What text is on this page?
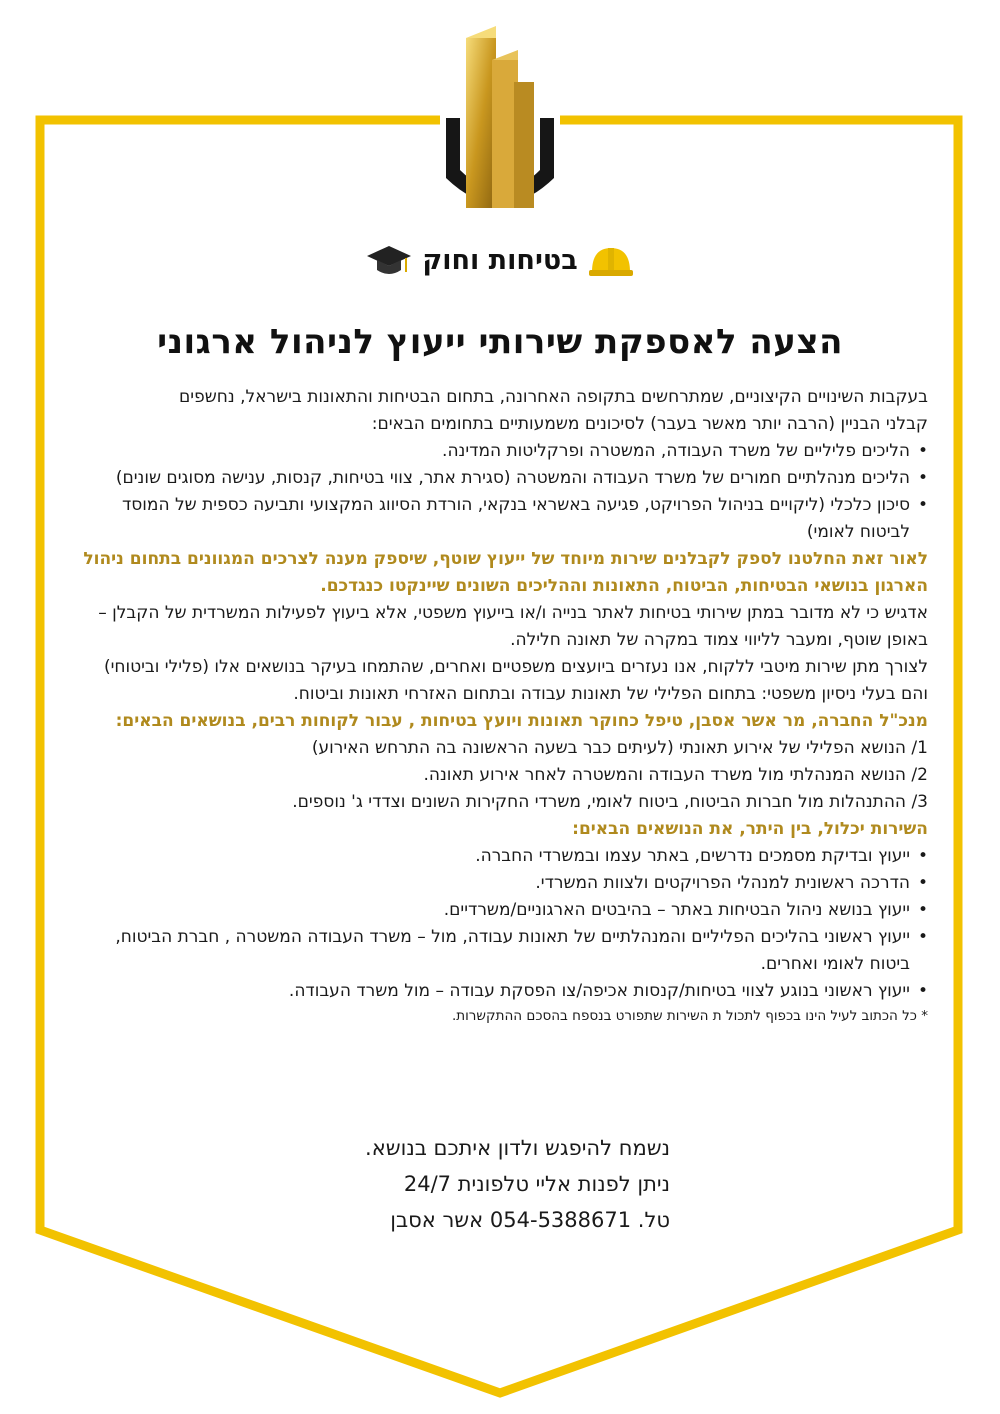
בטיחות וחוק
הצעה לאספקת שירותי ייעוץ לניהול ארגוני

בעקבות השינויים הקיצוניים, שמתרחשים בתקופה האחרונה, בתחום הבטיחות והתאונות בישראל, נחשפים

קבלני הבניין (הרבה יותר מאשר בעבר) לסיכונים משמעותיים בתחומים הבאים:

• הליכים פליליים של משרד העבודה, המשטרה ופרקליטות המדינה.

• הליכים מנהלתיים חמורים של משרד העבודה והמשטרה (סגירת אתר, צווי בטיחות, קנסות, ענישה מסוגים שונים)

• סיכון כלכלי (ליקויים בניהול הפרויקט, פגיעה באשראי בנקאי, הורדת הסיווג המקצועי ותביעה כספית של המוסד לביטוח לאומי)

לאור זאת החלטנו לספק לקבלנים שירות מיוחד של ייעוץ שוטף, שיספק מענה לצרכים המגוונים בתחום ניהול

הארגון בנושאי הבטיחות, הביטוח, התאונות וההליכים השונים שיינקטו כנגדכם.

אדגיש כי לא מדובר במתן שירותי בטיחות לאתר בנייה ו/או בייעוץ משפטי, אלא ביעוץ לפעילות המשרדית של הקבלן –

באופן שוטף, ומעבר לליווי צמוד במקרה של תאונה חלילה.

לצורך מתן שירות מיטבי ללקוח, אנו נעזרים ביועצים משפטיים ואחרים, שהתמחו בעיקר בנושאים אלו (פלילי וביטוחי)

והם בעלי ניסיון משפטי: בתחום הפלילי של תאונות עבודה ובתחום האזרחי תאונות וביטוח.

מנכ"ל החברה, מר אשר אסבן, טיפל כחוקר תאונות ויועץ בטיחות , עבור לקוחות רבים, בנושאים הבאים:

1/ הנושא הפלילי של אירוע תאונתי (לעיתים כבר בשעה הראשונה בה התרחש האירוע)

2/ הנושא המנהלתי מול משרד העבודה והמשטרה לאחר אירוע תאונה.

3/ ההתנהלות מול חברות הביטוח, ביטוח לאומי, משרדי החקירות השונים וצדדי ג' נוספים.

השירות יכלול, בין היתר, את הנושאים הבאים:

• ייעוץ ובדיקת מסמכים נדרשים, באתר עצמו ובמשרדי החברה.

• הדרכה ראשונית למנהלי הפרויקטים ולצוות המשרדי.

• ייעוץ בנושא ניהול הבטיחות באתר – בהיבטים הארגוניים/משרדיים.

• ייעוץ ראשוני בהליכים הפליליים והמנהלתיים של תאונות עבודה, מול – משרד העבודה המשטרה , חברת הביטוח, ביטוח לאומי ואחרים.

• ייעוץ ראשוני בנוגע לצווי בטיחות/קנסות אכיפה/צו הפסקת עבודה – מול משרד העבודה.

* כל הכתוב לעיל הינו בכפוף לתכול ת השירות שתפורט בנספח בהסכם ההתקשרות.

נשמח להיפגש ולדון איתכם בנושא.

ניתן לפנות אליי טלפונית 24/7

טל. 054-5388671 אשר אסבן
